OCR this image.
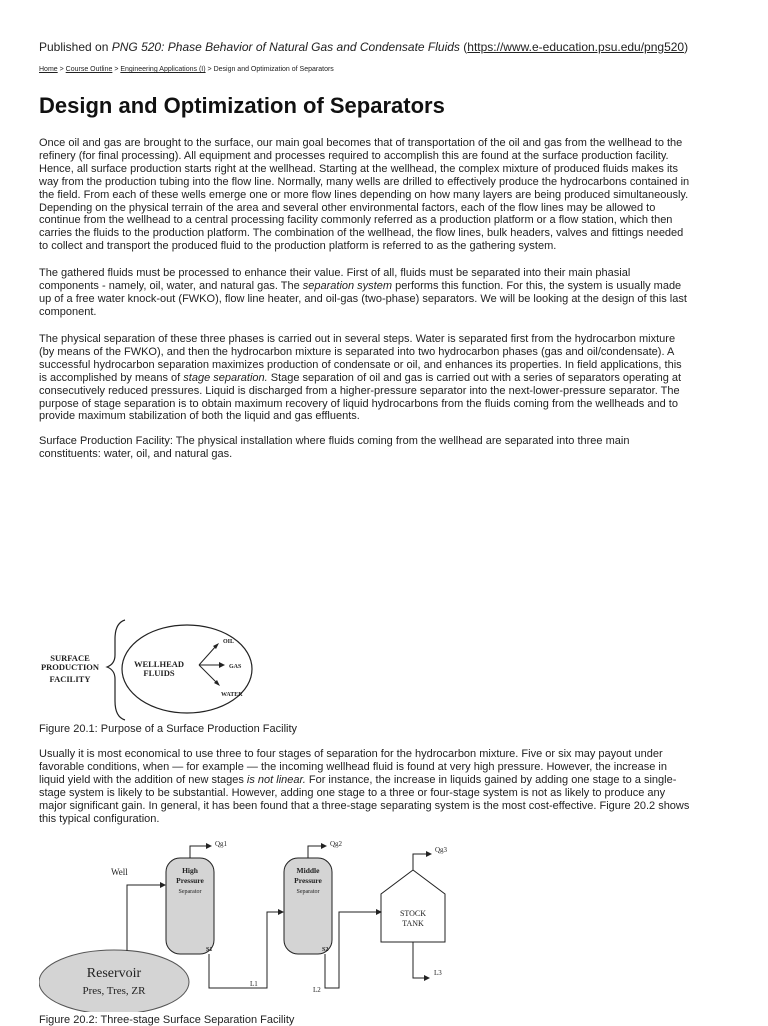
Published on PNG 520: Phase Behavior of Natural Gas and Condensate Fluids (https://www.e-education.psu.edu/png520)
Home > Course Outline > Engineering Applications (I) > Design and Optimization of Separators
Design and Optimization of Separators
Once oil and gas are brought to the surface, our main goal becomes that of transportation of the oil and gas from the wellhead to the
refinery (for final processing). All equipment and processes required to accomplish this are found at the surface production facility.
Hence, all surface production starts right at the wellhead. Starting at the wellhead, the complex mixture of produced fluids makes its
way from the production tubing into the flow line. Normally, many wells are drilled to effectively produce the hydrocarbons contained in
the field. From each of these wells emerge one or more flow lines depending on how many layers are being produced simultaneously.
Depending on the physical terrain of the area and several other environmental factors, each of the flow lines may be allowed to
continue from the wellhead to a central processing facility commonly referred as a production platform or a flow station, which then
carries the fluids to the production platform. The combination of the wellhead, the flow lines, bulk headers, valves and fittings needed
to collect and transport the produced fluid to the production platform is referred to as the gathering system.
The gathered fluids must be processed to enhance their value. First of all, fluids must be separated into their main phasial
components - namely, oil, water, and natural gas. The separation system performs this function. For this, the system is usually made
up of a free water knock-out (FWKO), flow line heater, and oil-gas (two-phase) separators. We will be looking at the design of this last
component.
The physical separation of these three phases is carried out in several steps. Water is separated first from the hydrocarbon mixture
(by means of the FWKO), and then the hydrocarbon mixture is separated into two hydrocarbon phases (gas and oil/condensate). A
successful hydrocarbon separation maximizes production of condensate or oil, and enhances its properties. In field applications, this
is accomplished by means of stage separation. Stage separation of oil and gas is carried out with a series of separators operating at
consecutively reduced pressures. Liquid is discharged from a higher-pressure separator into the next-lower-pressure separator. The
purpose of stage separation is to obtain maximum recovery of liquid hydrocarbons from the fluids coming from the wellheads and to
provide maximum stabilization of both the liquid and gas effluents.
Surface Production Facility: The physical installation where fluids coming from the wellhead are separated into three main
constituents: water, oil, and natural gas.
SURFACE
PRODUCTION
FACILITY
WELLHEAD
FLUIDS
OIL
GAS
WATER
Figure 20.1: Purpose of a Surface Production Facility
Usually it is most economical to use three to four stages of separation for the hydrocarbon mixture. Five or six may payout under
favorable conditions, when — for example — the incoming wellhead fluid is found at very high pressure. However, the increase in
liquid yield with the addition of new stages is not linear. For instance, the increase in liquids gained by adding one stage to a single-
stage system is likely to be substantial. However, adding one stage to a three or four-stage system is not as likely to produce any
major significant gain. In general, it has been found that a three-stage separating system is the most cost-effective. Figure 20.2 shows
this typical configuration.
Reservoir
Pres, Tres, ZR
Well	High
Pressure
Separator
S1
Qg1
L1
Middle
Pressure
Separator
S2
Qg2
L2
STOCK
TANK
Qg3
L3
Figure 20.2: Three-stage Surface Separation Facility
